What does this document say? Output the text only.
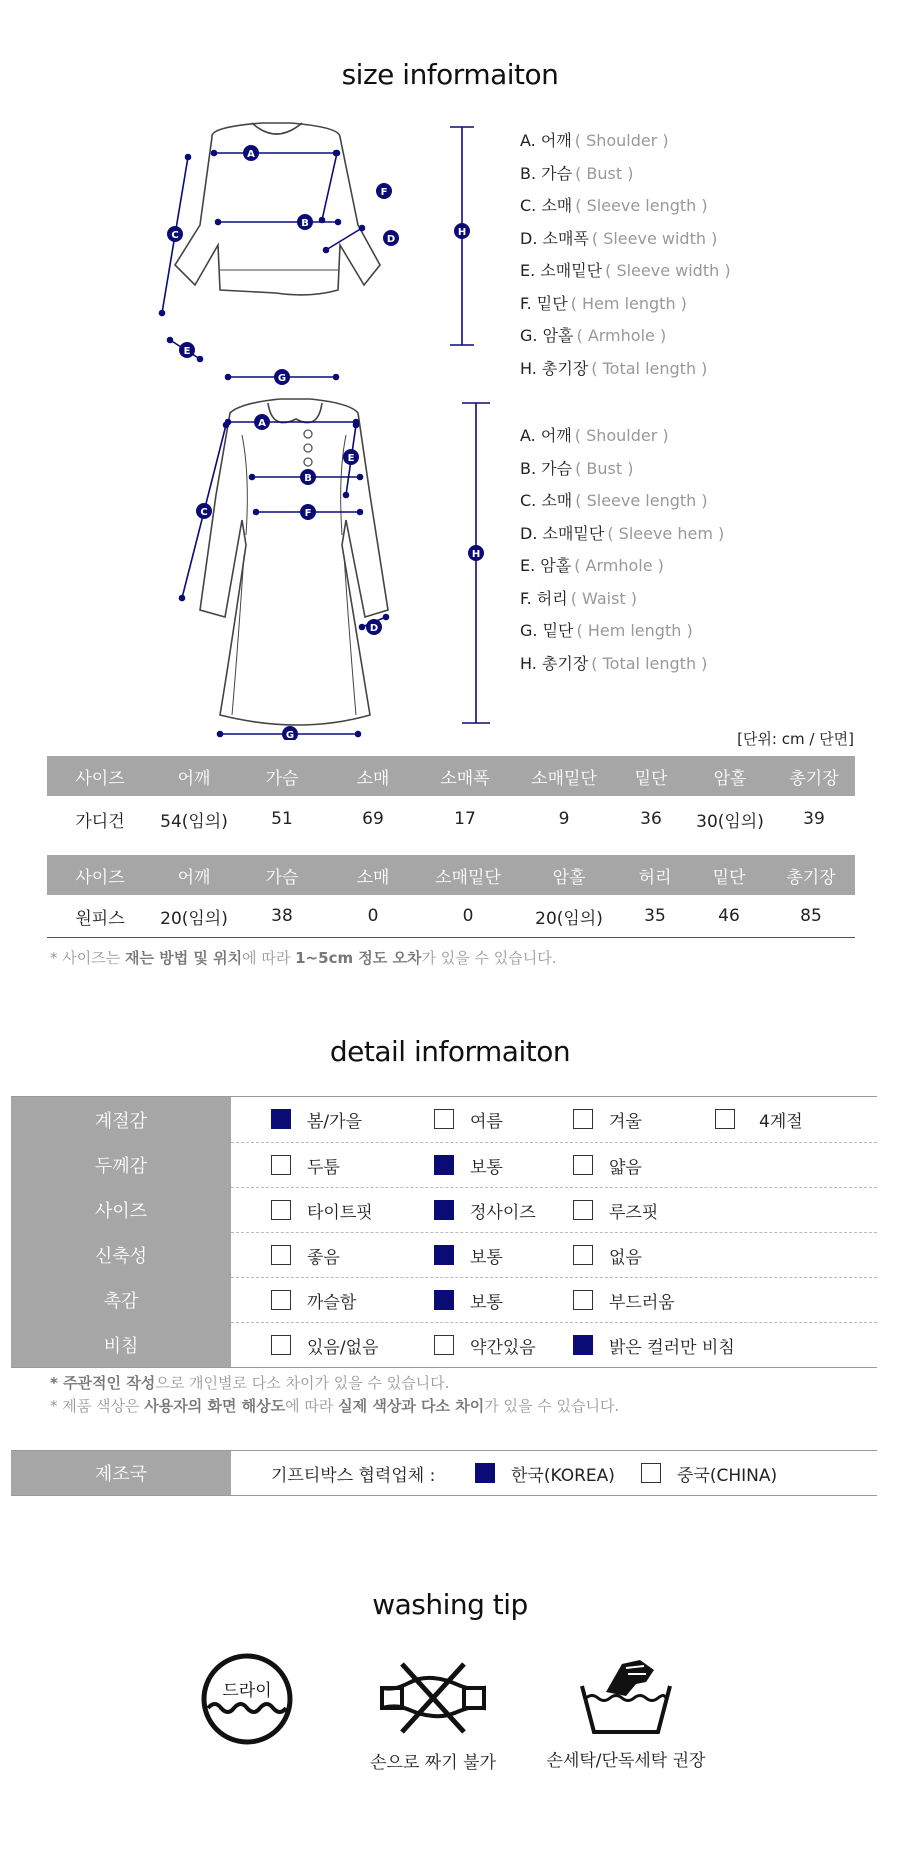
size informaiton
A
B
C	D
E
F
G
H
A. 어깨 ( Shoulder )
B. 가슴 ( Bust )
C. 소매 ( Sleeve length )
D. 소매폭 ( Sleeve width )
E. 소매밑단 ( Sleeve width )
F. 밑단 ( Hem length )
G. 암홀 ( Armhole )
H. 총기장 ( Total length )
A
B
C
D
E
F
G
H
A. 어깨 ( Shoulder )
B. 가슴 ( Bust )
C. 소매 ( Sleeve length )
D. 소매밑단 ( Sleeve hem )
E. 암홀 ( Armhole )
F. 허리 ( Waist )
G. 밑단 ( Hem length )
H. 총기장 ( Total length )
[단위: cm / 단면]
사이즈	어깨	가슴	소매	소매폭	소매밑단	밑단	암홀	총기장
가디건	54(임의)	51	69	17	9	36	30(임의)	39
사이즈	어깨	가슴	소매	소매밑단	암홀	허리	밑단	총기장
원피스	20(임의)	38	0	0	20(임의)	35	46	85
* 사이즈는 재는 방법 및 위치에 따라 1~5cm 정도 오차가 있을 수 있습니다.
detail informaiton
계절감	봄/가을	여름	겨울	4계절
두께감	두툼	보통	얇음
사이즈	타이트핏	정사이즈	루즈핏
신축성	좋음	보통	없음
촉감	까슬함	보통	부드러움
비침	있음/없음	약간있음	밝은 컬러만 비침
* 주관적인 작성으로 개인별로 다소 차이가 있을 수 있습니다.
* 제품 색상은 사용자의 화면 해상도에 따라 실제 색상과 다소 차이가 있을 수 있습니다.
제조국	기프티박스 협력업체 :	한국(KOREA)	중국(CHINA)
washing tip
드라이
손으로 짜기 불가	손세탁/단독세탁 권장
